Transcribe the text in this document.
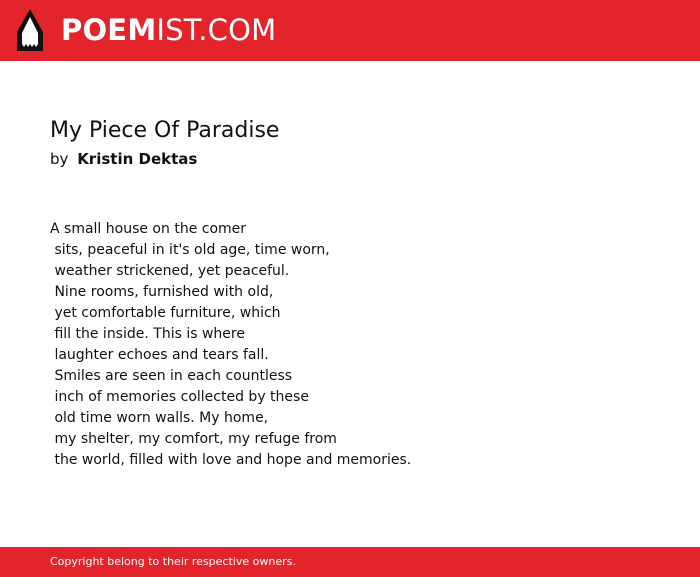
POEMIST.COM
My Piece Of Paradise
by Kristin Dektas
A small house on the comer
sits, peaceful in it's old age, time worn,
weather strickened, yet peaceful.
Nine rooms, furnished with old,
yet comfortable furniture, which
fill the inside. This is where
laughter echoes and tears fall.
Smiles are seen in each countless
inch of memories collected by these
old time worn walls. My home,
my shelter, my comfort, my refuge from
the world, filled with love and hope and memories.
Copyright belong to their respective owners.
